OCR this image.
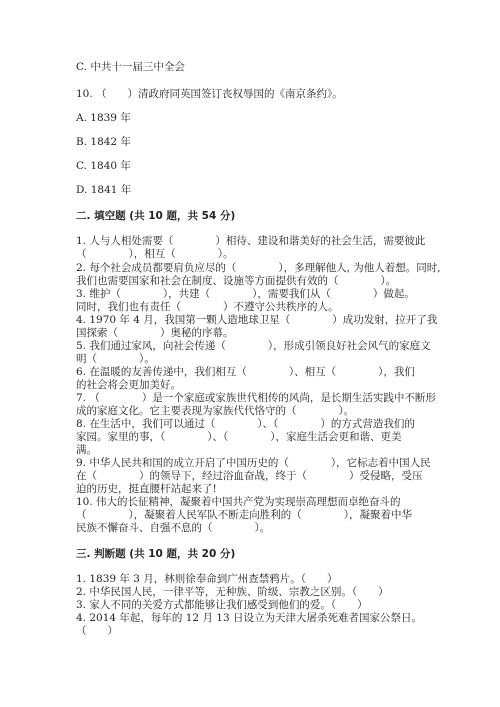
C. 中共十一届三中全会
10. （　　）清政府同英国签订丧权辱国的《南京条约》。
A. 1839 年
B. 1842 年
C. 1840 年
D. 1841 年
二. 填空题 (共 10 题，共 54 分)
1. 人与人相处需要（　　　　）相待、建设和谐美好的社会生活，需要彼此
（　　　　），相互（　　　　）。
2. 每个社会成员都要肩负应尽的（　　　　），多理解他人, 为他人着想。同时,
我们也需要国家和社会在制度、设施等方面提供有效的（　　　　）。
3. 维护（　　　　），共建（　　　　），需要我们从（　　　　）做起。
同时，我们也有责任（　　　　）不遵守公共秩序的人。
4. 1970 年 4 月，我国第一颗人造地球卫星（　　　　）成功发射，拉开了我
国探索（　　　　）奥秘的序幕。
5. 我们通过家风，向社会传递（　　　　），形成引领良好社会风气的家庭文
明（　　　　）。
6. 在温暖的友善传递中，我们相互（　　　　）、相互（　　　　），我们
的社会将会更加美好。
7. （　　　　）是一个家庭或家族世代相传的风尚，是长期生活实践中不断形
成的家庭文化。它主要表现为家族代代恪守的（　　　　）。
8. 在生活中，我们可以通过（　　　　）、（　　　　）的方式营造我们的
家园。家里的事，（　　　　）、（　　　　），家庭生活会更和谐、更美
满。
9. 中华人民共和国的成立开启了中国历史的（　　　　），它标志着中国人民
在（　　　　）的领导下，经过浴血奋战，终于（　　　　）受侵略，受压
迫的历史，挺直腰杆站起来了!
10. 伟大的长征精神，凝聚着中国共产党为实现崇高理想而卓绝奋斗的
（　　　　），凝聚着人民军队不断走向胜利的（　　　　），凝聚着中华
民族不懈奋斗、自强不息的（　　　　）。
三. 判断题 (共 10 题，共 20 分)
1. 1839 年 3 月，林则徐奉命到广州查禁鸦片。（　　）
2. 中华民国人民，一律平等，无种族、阶级、宗教之区别。（　　）
3. 家人不同的关爱方式都能够让我们感受到他们的爱。（　　）
4. 2014 年起，每年的 12 月 13 日设立为天津大屠杀死难者国家公祭日。
（　　）
